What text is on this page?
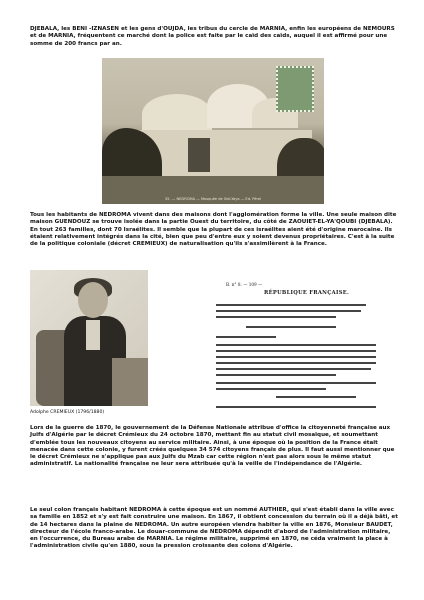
DJEBALA, les BENI -IZNASEN et les gens d'OUJDA, les tribus du cercle de MARNIA, enfin les européens de NEMOURS et de MARNIA, fréquentent ce marché dont la police est faite par le caïd des caïds, auquel il est affirmé pour une somme de 200 francs par an.

35. — NEDROMA — Mosquée de Sidi-Yaya — Ed. Pérel

Tous les habitants de NEDROMA vivent dans des maisons dont l'agglomération forme la ville. Une seule maison dite maison GUENDOUZ se trouve isolée dans la partie Ouest du territoire, du côté de ZAOUIET-EL-YA'QOUBI (DJEBALA). En tout 263 familles, dont 70 Israélites. Il semble que la plupart de ces israélites aient été d'origine marocaine. Ils étaient relativement intégrés dans la cité, bien que peu d'entre eux y soient devenus propriétaires. C'est à la suite de la politique coloniale (décret CREMIEUX) de naturalisation qu'ils s'assimilèrent à la France.

Adolphe CREMIEUX (1796/1880)
B. n° 8. — 109 —
RÉPUBLIQUE FRANÇAISE.

Lors de la guerre de 1870, le gouvernement de la Défense Nationale attribue d'office la citoyenneté française aux Juifs d'Algérie par le décret Crémieux du 24 octobre 1870, mettant fin au statut civil mosaïque, et soumettant d'emblée tous les nouveaux citoyens au service militaire. Ainsi, à une époque où la position de la France était menacée dans cette colonie, y furent créés quelques 34 574 citoyens français de plus. Il faut aussi mentionner que le décret Crémieux ne s'applique pas aux Juifs du Mzab car cette région n'est pas alors sous le même statut administratif. La nationalité française ne leur sera attribuée qu'à la veille de l'indépendance de l'Algérie.

Le seul colon français habitant NEDROMA à cette époque est un nommé AUTHIER, qui s'est établi dans la ville avec sa famille en 1852 et s'y est fait construire une maison. En 1867, il obtient concession du terrain où il a déjà bâti, et de 14 hectares dans la plaine de NEDROMA. Un autre européen viendra habiter la ville en 1876, Monsieur BAUDET, directeur de l'école franco-arabe. Le douar-commune de NEDROMA dépendit d'abord de l'administration militaire, en l'occurrence, du Bureau arabe de MARNIA. Le régime militaire, supprimé en 1870, ne céda vraiment la place à l'administration civile qu'en 1880, sous la pression croissante des colons d'Algérie.
